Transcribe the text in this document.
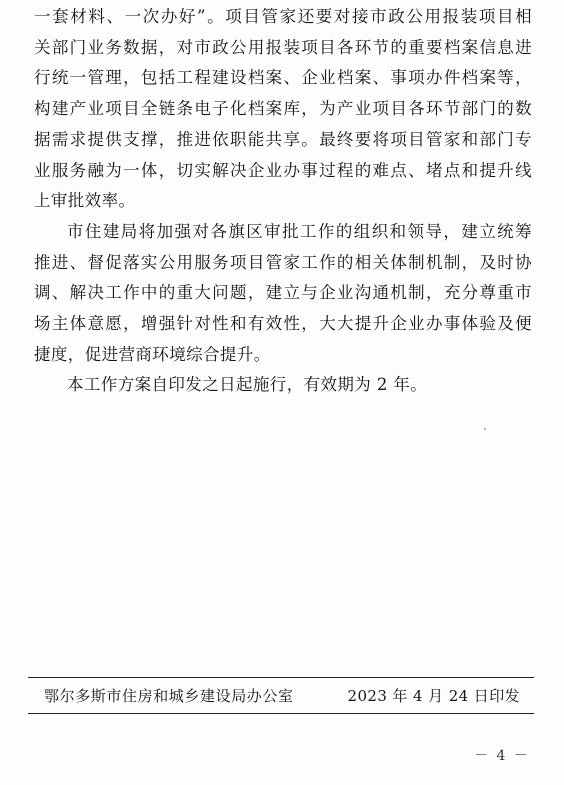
一套材料、一次办好”。项目管家还要对接市政公用报装项目相
关部门业务数据，对市政公用报装项目各环节的重要档案信息进
行统一管理，包括工程建设档案、企业档案、事项办件档案等，
构建产业项目全链条电子化档案库，为产业项目各环节部门的数
据需求提供支撑，推进依职能共享。最终要将项目管家和部门专
业服务融为一体，切实解决企业办事过程的难点、堵点和提升线
上审批效率。
市住建局将加强对各旗区审批工作的组织和领导，建立统筹
推进、督促落实公用服务项目管家工作的相关体制机制，及时协
调、解决工作中的重大问题，建立与企业沟通机制，充分尊重市
场主体意愿，增强针对性和有效性，大大提升企业办事体验及便
捷度，促进营商环境综合提升。
本工作方案自印发之日起施行，有效期为 2 年。
鄂尔多斯市住房和城乡建设局办公室	2023 年 4 月 24 日印发
－ 4 －
